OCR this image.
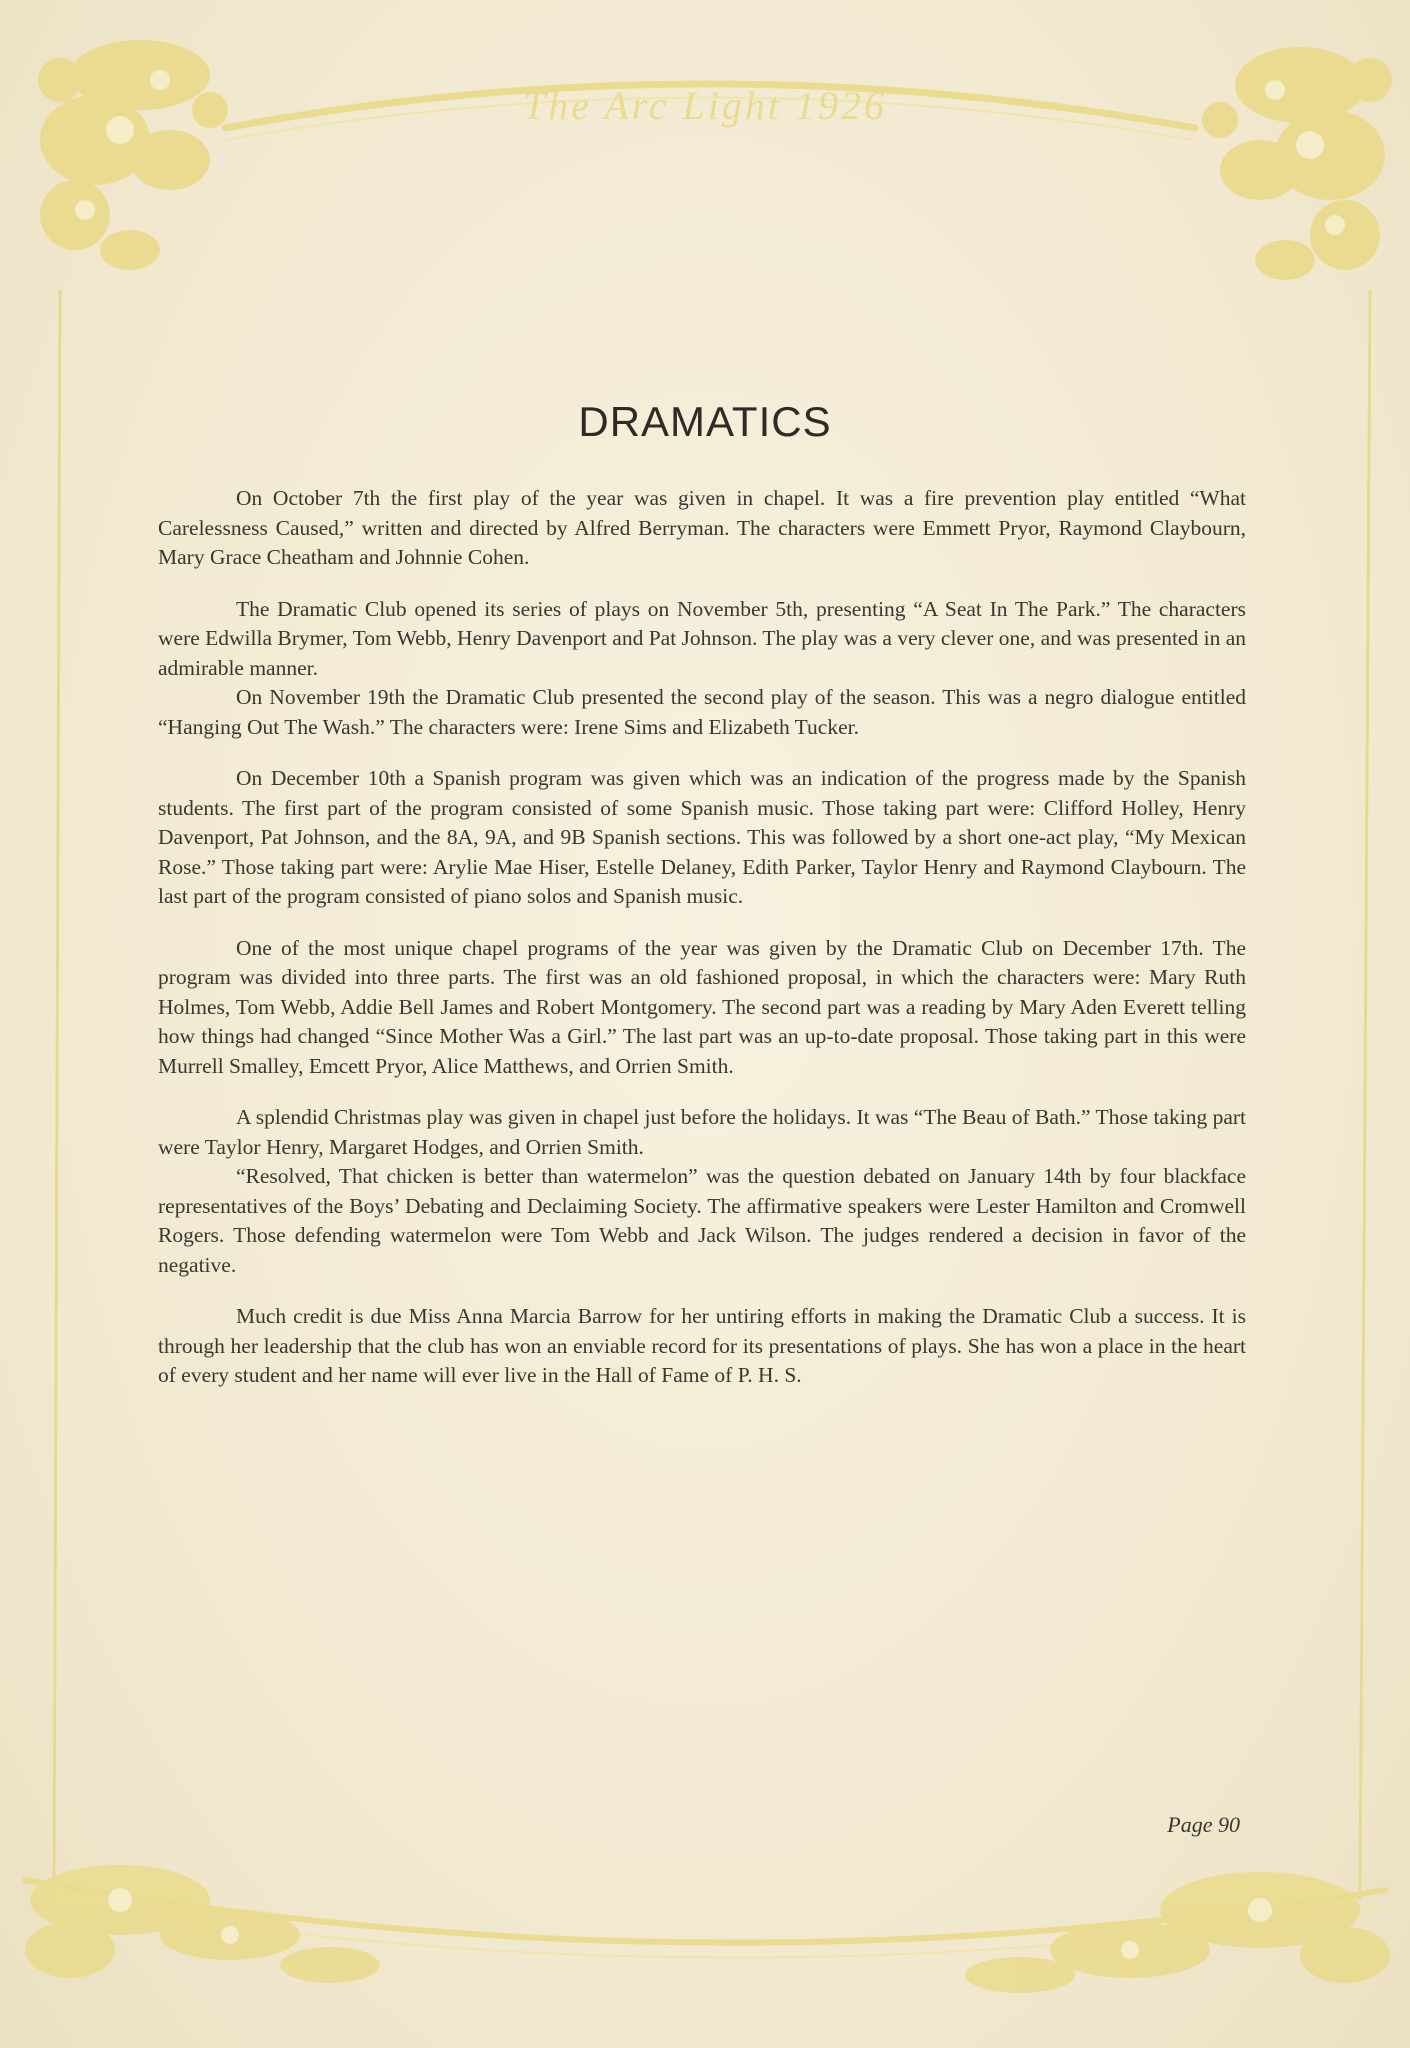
The Arc Light 1926
DRAMATICS

On October 7th the first play of the year was given in chapel. It was a fire prevention play entitled “What Carelessness Caused,” written and directed by Alfred Berryman. The characters were Emmett Pryor, Raymond Claybourn, Mary Grace Cheatham and Johnnie Cohen.

The Dramatic Club opened its series of plays on November 5th, presenting “A Seat In The Park.” The characters were Edwilla Brymer, Tom Webb, Henry Davenport and Pat Johnson. The play was a very clever one, and was presented in an admirable manner.

On November 19th the Dramatic Club presented the second play of the season. This was a negro dialogue entitled “Hanging Out The Wash.” The characters were: Irene Sims and Elizabeth Tucker.

On December 10th a Spanish program was given which was an indication of the progress made by the Spanish students. The first part of the program consisted of some Spanish music. Those taking part were: Clifford Holley, Henry Davenport, Pat Johnson, and the 8A, 9A, and 9B Spanish sections. This was followed by a short one-act play, “My Mexican Rose.” Those taking part were: Arylie Mae Hiser, Estelle Delaney, Edith Parker, Taylor Henry and Raymond Claybourn. The last part of the program consisted of piano solos and Spanish music.

One of the most unique chapel programs of the year was given by the Dramatic Club on December 17th. The program was divided into three parts. The first was an old fashioned proposal, in which the characters were: Mary Ruth Holmes, Tom Webb, Addie Bell James and Robert Montgomery. The second part was a reading by Mary Aden Everett telling how things had changed “Since Mother Was a Girl.” The last part was an up-to-date proposal. Those taking part in this were Murrell Smalley, Emcett Pryor, Alice Matthews, and Orrien Smith.

A splendid Christmas play was given in chapel just before the holidays. It was “The Beau of Bath.” Those taking part were Taylor Henry, Margaret Hodges, and Orrien Smith.

“Resolved, That chicken is better than watermelon” was the question debated on January 14th by four blackface representatives of the Boys’ Debating and Declaiming Society. The affirmative speakers were Lester Hamilton and Cromwell Rogers. Those defending watermelon were Tom Webb and Jack Wilson. The judges rendered a decision in favor of the negative.

Much credit is due Miss Anna Marcia Barrow for her untiring efforts in making the Dramatic Club a success. It is through her leadership that the club has won an enviable record for its presentations of plays. She has won a place in the heart of every student and her name will ever live in the Hall of Fame of P. H. S.

Page 90
